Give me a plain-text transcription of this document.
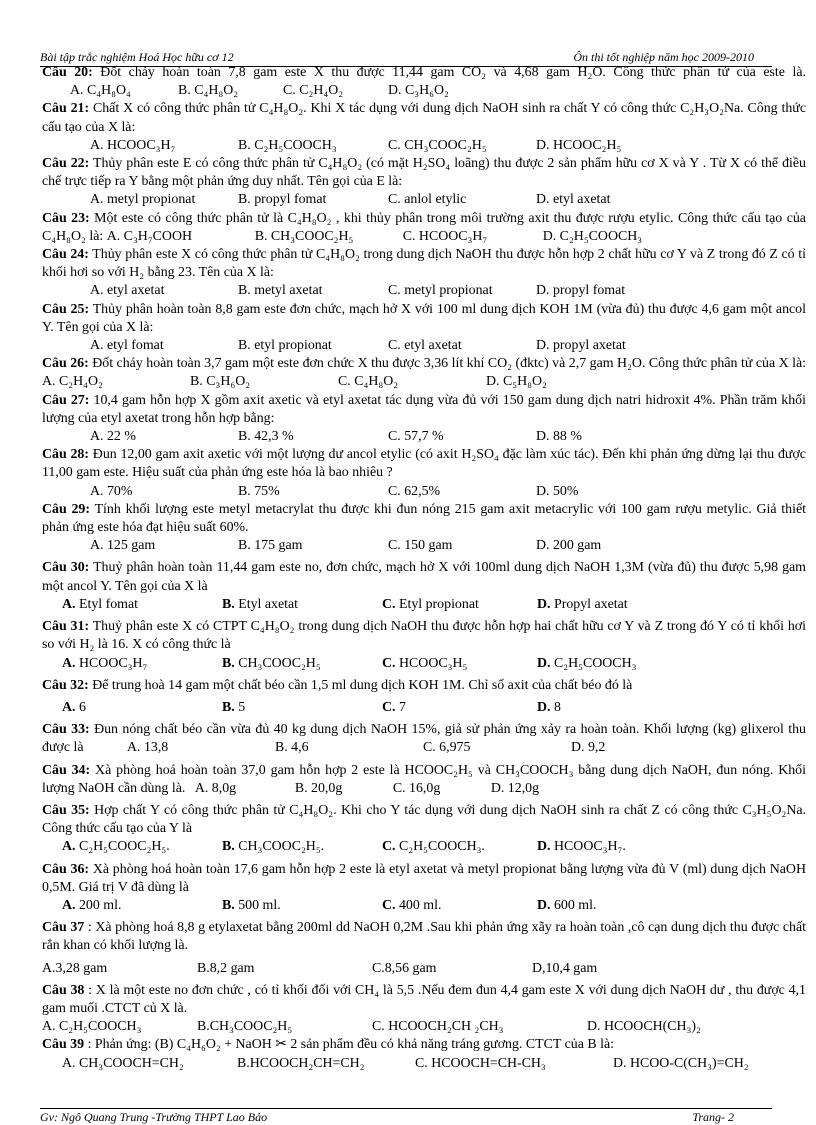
Bài tập trắc nghiệm Hoá Học hữu cơ 12	Ôn thi tốt nghiệp năm học 2009-2010

Câu 20: Đốt cháy hoàn toàn 7,8 gam este X thu được 11,44 gam CO₂ và 4,68 gam H₂O. Công thức phân tử của este là. A. C₄H₈O₄	B. C₄H₈O₂	C. C₂H₄O₂	D. C₃H₆O₂

Câu 21: Chất X có công thức phân tử C₄H₈O₂. Khi X tác dụng với dung dịch NaOH sinh ra chất Y có công thức C₂H₃O₂Na. Công thức cấu tạo của X là:

A. HCOOC₃H₇	B. C₂H₅COOCH₃	C. CH₃COOC₂H₅	D. HCOOC₂H₅

Câu 22: Thủy phân este E có công thức phân tử C₄H₈O₂ (có mặt H₂SO₄ loãng) thu được 2 sản phẩm hữu cơ X và Y . Từ X có thể điều chế trực tiếp ra Y bằng một phản ứng duy nhất. Tên gọi của E là:

A. metyl propionat	B. propyl fomat	C. anlol etylic	D. etyl axetat

Câu 23: Một este có công thức phân tử là C₄H₈O₂ , khi thủy phân trong môi trường axit thu được rượu etylic. Công thức cấu tạo của C₄H₈O₂ là: A. C₃H₇COOH	B. CH₃COOC₂H₅	C. HCOOC₃H₇	D. C₂H₅COOCH₃

Câu 24: Thủy phân este X có công thức phân tử C₄H₈O₂ trong dung dịch NaOH thu được hỗn hợp 2 chất hữu cơ Y và Z trong đó Z có tỉ khối hơi so với H₂ bằng 23. Tên của X là:

A. etyl axetat	B. metyl axetat	C. metyl propionat	D. propyl fomat

Câu 25: Thủy phân hoàn toàn 8,8 gam este đơn chức, mạch hở X với 100 ml dung dịch KOH 1M (vừa đủ) thu được 4,6 gam một ancol Y. Tên gọi của X là:

A. etyl fomat	B. etyl propionat	C. etyl axetat	D. propyl axetat

Câu 26: Đốt cháy hoàn toàn 3,7 gam một este đơn chức X thu được 3,36 lít khí CO₂ (đktc) và 2,7 gam H₂O. Công thức phân tử của X là: A. C₂H₄O₂	B. C₃H₆O₂	C. C₄H₈O₂	D. C₅H₈O₂

Câu 27: 10,4 gam hỗn hợp X gồm axit axetic và etyl axetat tác dụng vừa đủ với 150 gam dung dịch natri hidroxit 4%. Phần trăm khối lượng của etyl axetat trong hỗn hợp bằng:

A. 22 %	B. 42,3 %	C. 57,7 %	D. 88 %

Câu 28: Đun 12,00 gam axit axetic với một lượng dư ancol etylic (có axit H₂SO₄ đặc làm xúc tác). Đến khi phản ứng dừng lại thu được 11,00 gam este. Hiệu suất của phản ứng este hóa là bao nhiêu ?

A. 70%	B. 75%	C. 62,5%	D. 50%

Câu 29: Tính khối lượng este metyl metacrylat thu được khi đun nóng 215 gam axit metacrylic với 100 gam rượu metylic. Giả thiết phản ứng este hóa đạt hiệu suất 60%.

A. 125 gam	B. 175 gam	C. 150 gam	D. 200 gam

Câu 30: Thuỷ phân hoàn toàn 11,44 gam este no, đơn chức, mạch hở X với 100ml dung dịch NaOH 1,3M (vừa đủ) thu được 5,98 gam một ancol Y. Tên gọi của X là

A. Etyl fomat	B. Etyl axetat	C. Etyl propionat	D. Propyl axetat

Câu 31: Thuỷ phân este X có CTPT C₄H₈O₂ trong dung dịch NaOH thu được hỗn hợp hai chất hữu cơ Y và Z trong đó Y có tỉ khối hơi so với H₂ là 16. X có công thức là

A. HCOOC₃H₇	B. CH₃COOC₂H₅	C. HCOOC₃H₅	D. C₂H₅COOCH₃

Câu 32: Để trung hoà 14 gam một chất béo cần 1,5 ml dung dịch KOH 1M. Chỉ số axit của chất béo đó là

A. 6	B. 5	C. 7	D. 8

Câu 33: Đun nóng chất béo cần vừa đủ 40 kg dung dịch NaOH 15%, giả sử phản ứng xảy ra hoàn toàn. Khối lượng (kg) glixerol thu được là	A. 13,8	B. 4,6	C. 6,975	D. 9,2

Câu 34: Xà phòng hoá hoàn toàn 37,0 gam hỗn hợp 2 este là HCOOC₂H₅ và CH₃COOCH₃ bằng dung dịch NaOH, đun nóng. Khối lượng NaOH cần dùng là. A. 8,0g	B. 20,0g	C. 16,0g	D. 12,0g

Câu 35: Hợp chất Y có công thức phân tử C₄H₈O₂. Khi cho Y tác dụng với dung dịch NaOH sinh ra chất Z có công thức C₃H₅O₂Na. Công thức cấu tạo của Y là

A. C₂H₅COOC₂H₅.	B. CH₃COOC₂H₅.	C. C₂H₅COOCH₃.	D. HCOOC₃H₇.

Câu 36: Xà phòng hoá hoàn toàn 17,6 gam hỗn hợp 2 este là etyl axetat và metyl propionat bằng lượng vừa đủ V (ml) dung dịch NaOH 0,5M. Giá trị V đã dùng là

A. 200 ml.	B. 500 ml.	C. 400 ml.	D. 600 ml.

Câu 37 : Xà phòng hoá 8,8 g etylaxetat bằng 200ml dd NaOH 0,2M .Sau khi phản ứng xãy ra hoàn toàn ,cô cạn dung dịch thu được chất rắn khan có khối lượng là.

A.3,28 gam	B.8,2 gam	C.8,56 gam	D,10,4 gam

Câu 38 : X là một este no đơn chức , có tỉ khối đối với CH₄ là 5,5 .Nếu đem đun 4,4 gam este X với dung dịch NaOH dư , thu được 4,1 gam muối .CTCT củ X là.

A. C₂H₅COOCH₃	B.CH₃COOC₂H₅	C. HCOOCH₂CH ₂CH₃	D. HCOOCH(CH₃)₂

Câu 39 : Phản ứng: (B) C₄H₆O₂ + NaOH ✂ 2 sản phẩm đều có khả năng tráng gương. CTCT của B là:

A. CH₃COOCH=CH₂	B.HCOOCH₂CH=CH₂	C. HCOOCH=CH-CH₃	D. HCOO-C(CH₃)=CH₂
Gv: Ngô Quang Trung -Trường THPT Lao Bảo	Trang- 2
